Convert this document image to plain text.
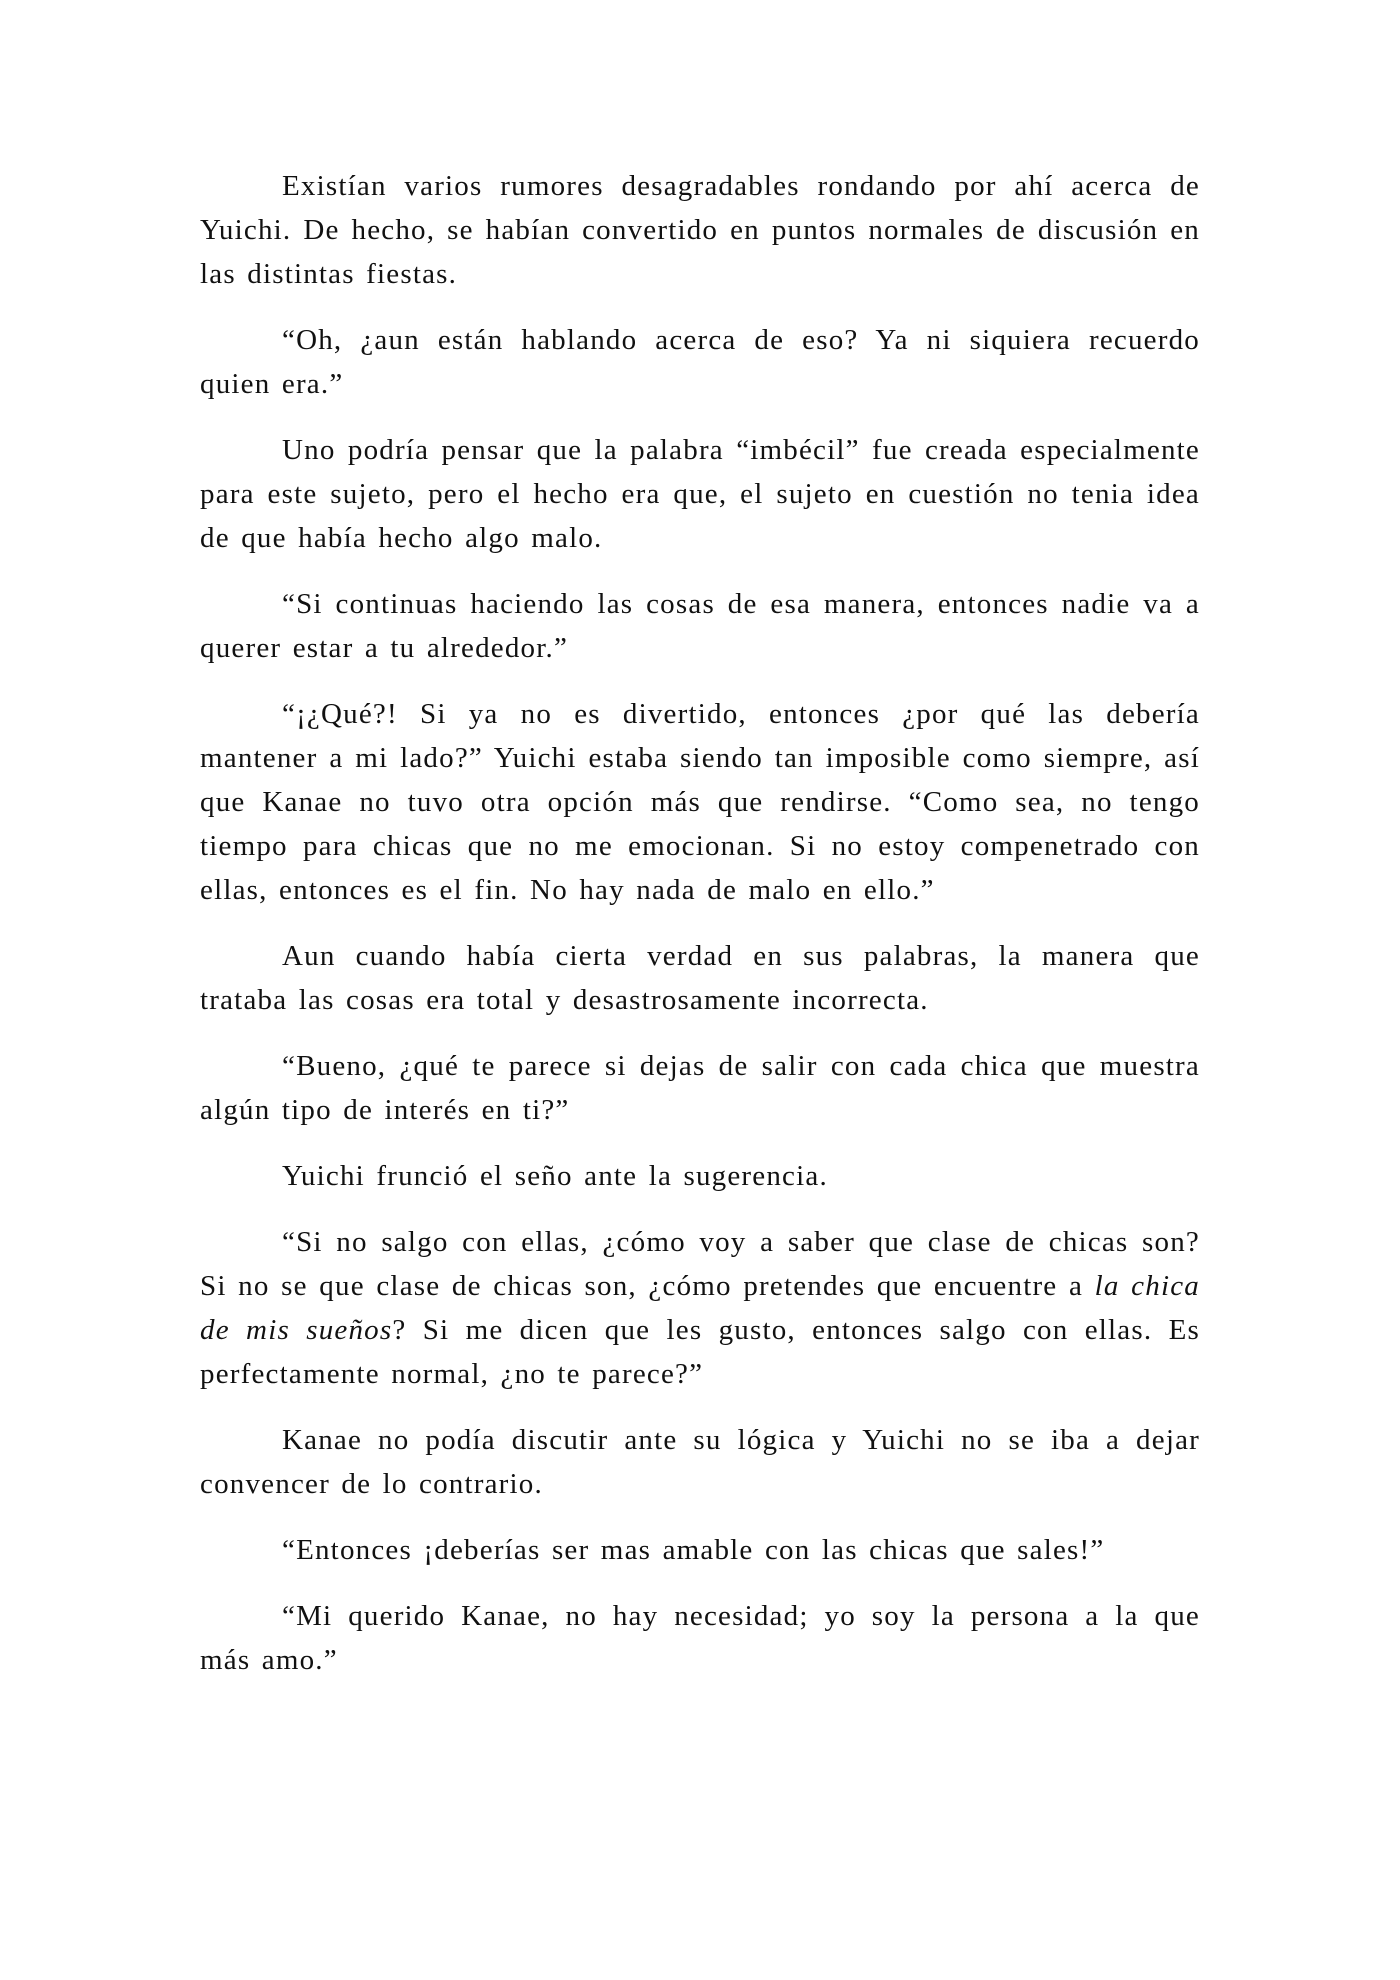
Existían varios rumores desagradables rondando por ahí acerca de Yuichi. De hecho, se habían convertido en puntos normales de discusión en las distintas fiestas.

“Oh, ¿aun están hablando acerca de eso? Ya ni siquiera recuerdo quien era.”

Uno podría pensar que la palabra “imbécil” fue creada especialmente para este sujeto, pero el hecho era que, el sujeto en cuestión no tenia idea de que había hecho algo malo.

“Si continuas haciendo las cosas de esa manera, entonces nadie va a querer estar a tu alrededor.”

“¡¿Qué?! Si ya no es divertido, entonces ¿por qué las debería mantener a mi lado?” Yuichi estaba siendo tan imposible como siempre, así que Kanae no tuvo otra opción más que rendirse. “Como sea, no tengo tiempo para chicas que no me emocionan. Si no estoy compenetrado con ellas, entonces es el fin. No hay nada de malo en ello.”

Aun cuando había cierta verdad en sus palabras, la manera que trataba las cosas era total y desastrosamente incorrecta.

“Bueno, ¿qué te parece si dejas de salir con cada chica que muestra algún tipo de interés en ti?”

Yuichi frunció el seño ante la sugerencia.

“Si no salgo con ellas, ¿cómo voy a saber que clase de chicas son? Si no se que clase de chicas son, ¿cómo pretendes que encuentre a la chica de mis sueños? Si me dicen que les gusto, entonces salgo con ellas. Es perfectamente normal, ¿no te parece?”

Kanae no podía discutir ante su lógica y Yuichi no se iba a dejar convencer de lo contrario.

“Entonces ¡deberías ser mas amable con las chicas que sales!”

“Mi querido Kanae, no hay necesidad; yo soy la persona a la que más amo.”
